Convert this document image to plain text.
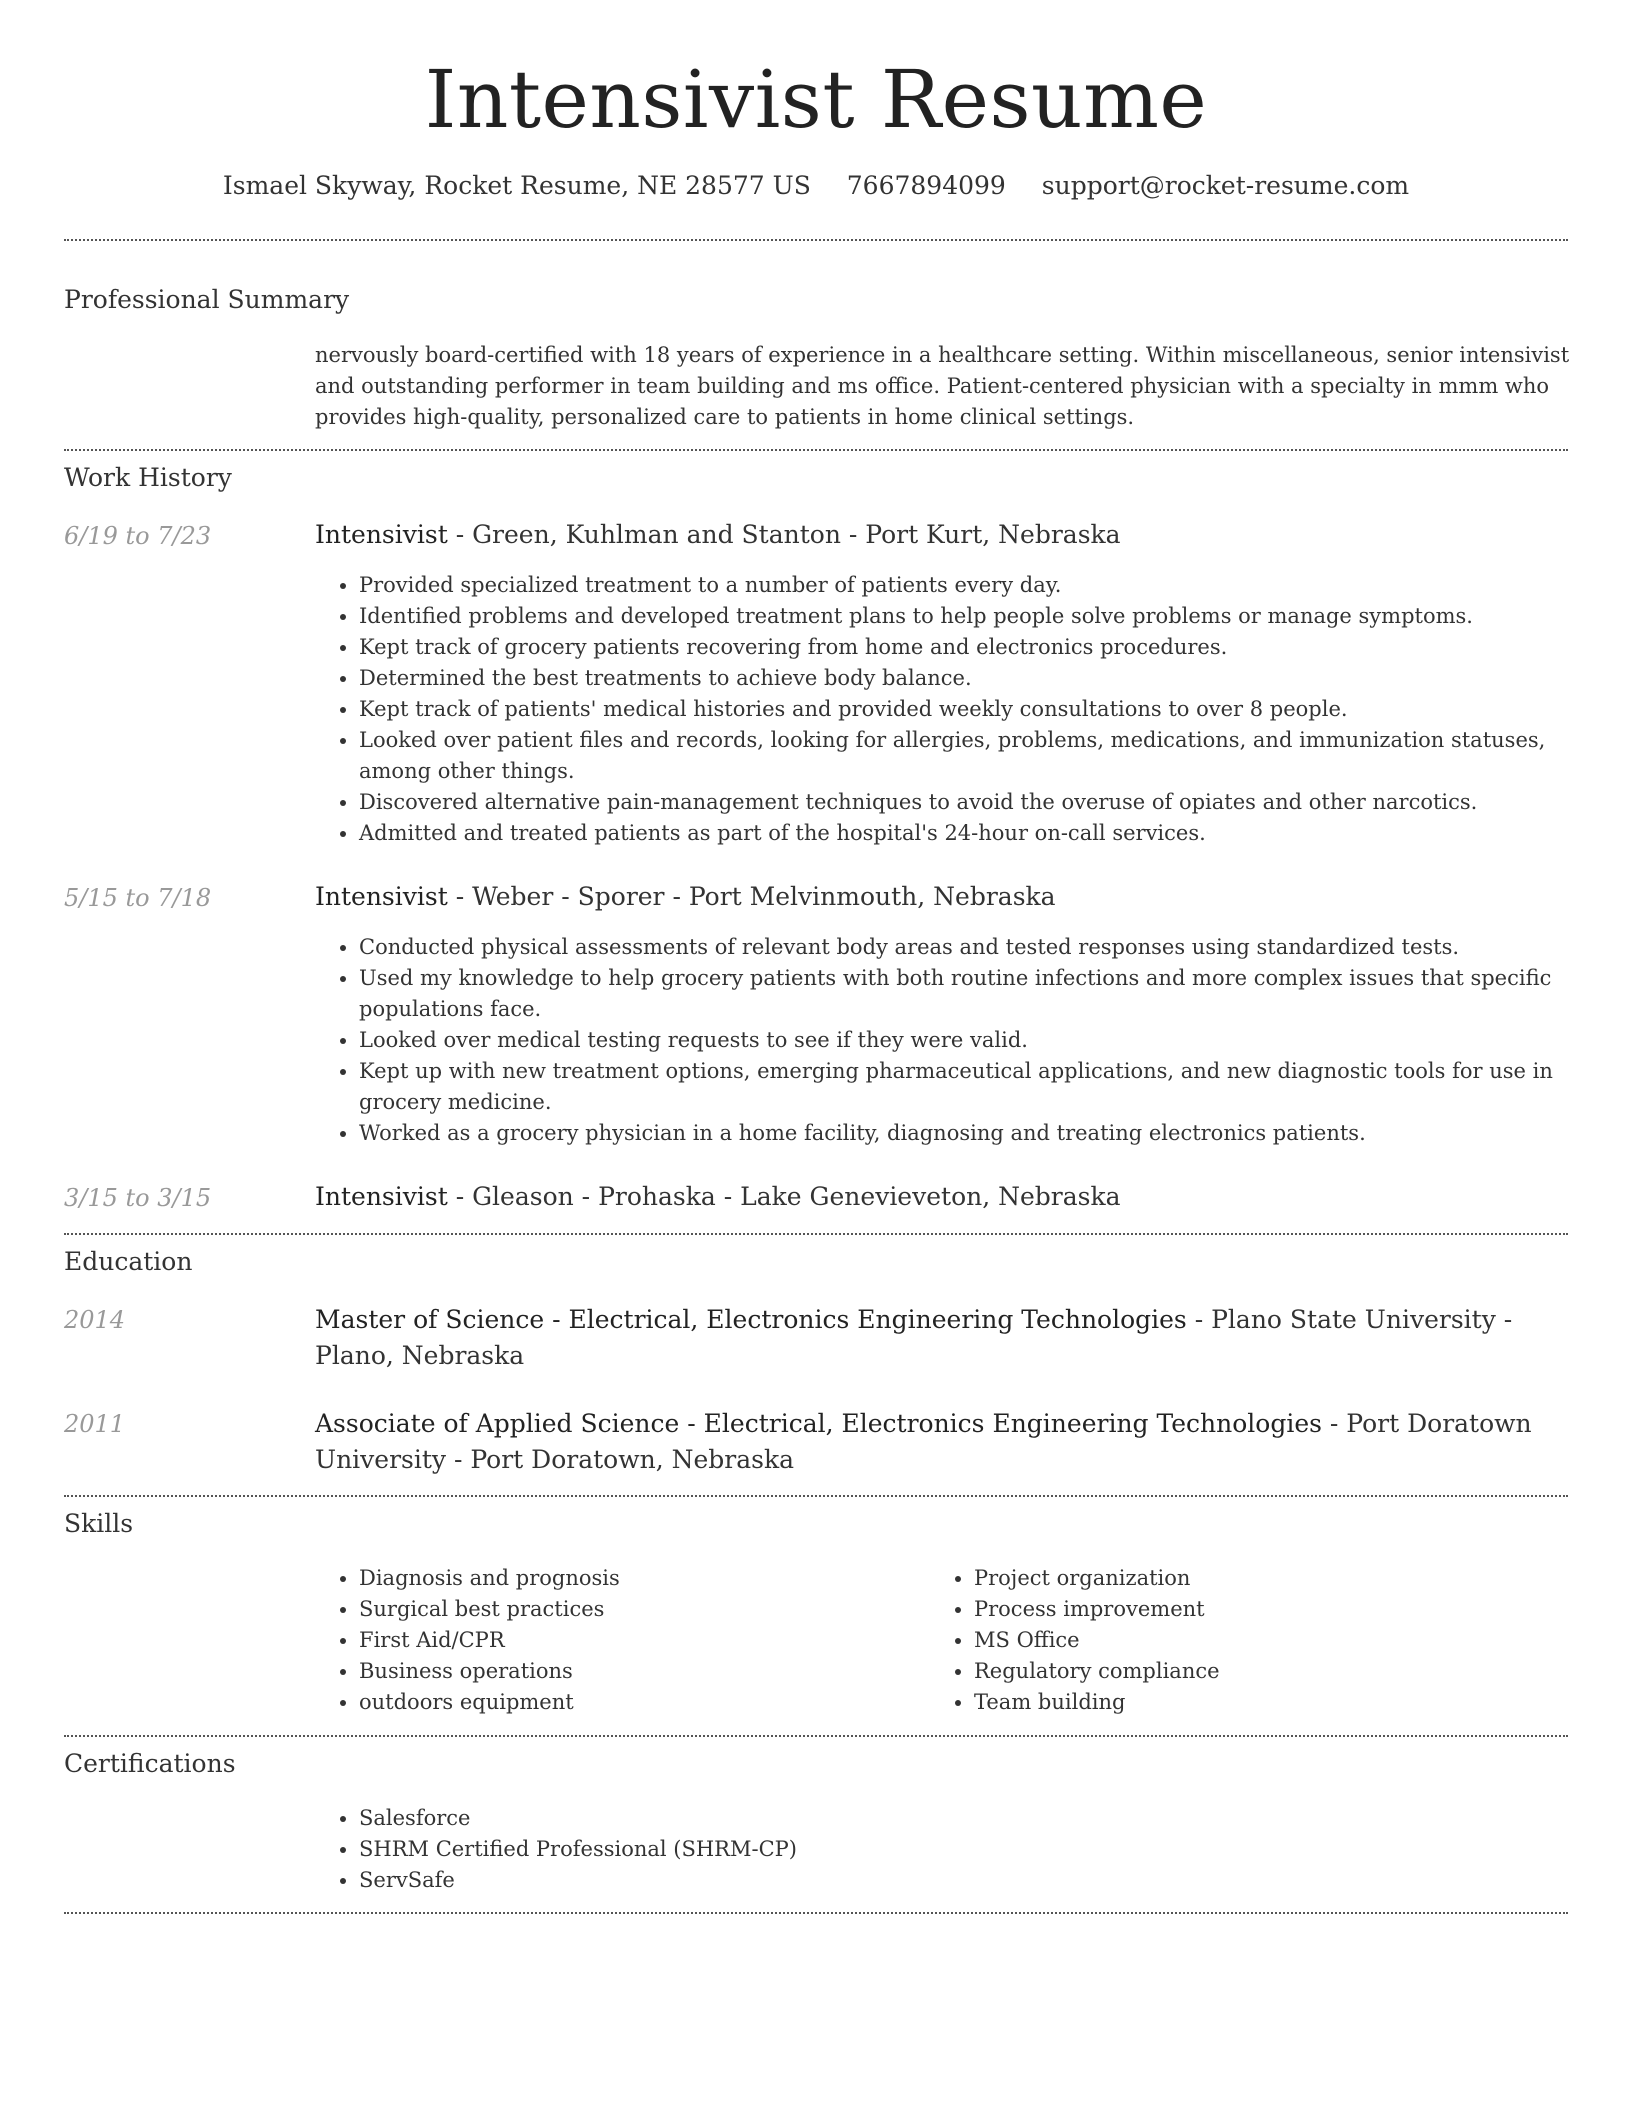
Intensivist Resume
Ismael Skyway, Rocket Resume, NE 28577 US 7667894099 support@rocket-resume.com
Professional Summary
nervously board-certified with 18 years of experience in a healthcare setting. Within miscellaneous, senior intensivist and outstanding performer in team building and ms office. Patient-centered physician with a specialty in mmm who provides high-quality, personalized care to patients in home clinical settings.
Work History
6/19 to 7/23	Intensivist - Green, Kuhlman and Stanton - Port Kurt, Nebraska
• Provided specialized treatment to a number of patients every day.
• Identified problems and developed treatment plans to help people solve problems or manage symptoms.
• Kept track of grocery patients recovering from home and electronics procedures.
• Determined the best treatments to achieve body balance.
• Kept track of patients' medical histories and provided weekly consultations to over 8 people.
• Looked over patient files and records, looking for allergies, problems, medications, and immunization statuses, among other things.
• Discovered alternative pain-management techniques to avoid the overuse of opiates and other narcotics.
• Admitted and treated patients as part of the hospital's 24-hour on-call services.
5/15 to 7/18	Intensivist - Weber - Sporer - Port Melvinmouth, Nebraska
• Conducted physical assessments of relevant body areas and tested responses using standardized tests.
• Used my knowledge to help grocery patients with both routine infections and more complex issues that specific populations face.
• Looked over medical testing requests to see if they were valid.
• Kept up with new treatment options, emerging pharmaceutical applications, and new diagnostic tools for use in grocery medicine.
• Worked as a grocery physician in a home facility, diagnosing and treating electronics patients.
3/15 to 3/15	Intensivist - Gleason - Prohaska - Lake Genevieveton, Nebraska
Education
2014	Master of Science - Electrical, Electronics Engineering Technologies - Plano State University - Plano, Nebraska
2011	Associate of Applied Science - Electrical, Electronics Engineering Technologies - Port Doratown University - Port Doratown, Nebraska
Skills
• Diagnosis and prognosis
• Surgical best practices
• First Aid/CPR
• Business operations
• outdoors equipment
• Project organization
• Process improvement
• MS Office
• Regulatory compliance
• Team building
Certifications
• Salesforce
• SHRM Certified Professional (SHRM-CP)
• ServSafe
